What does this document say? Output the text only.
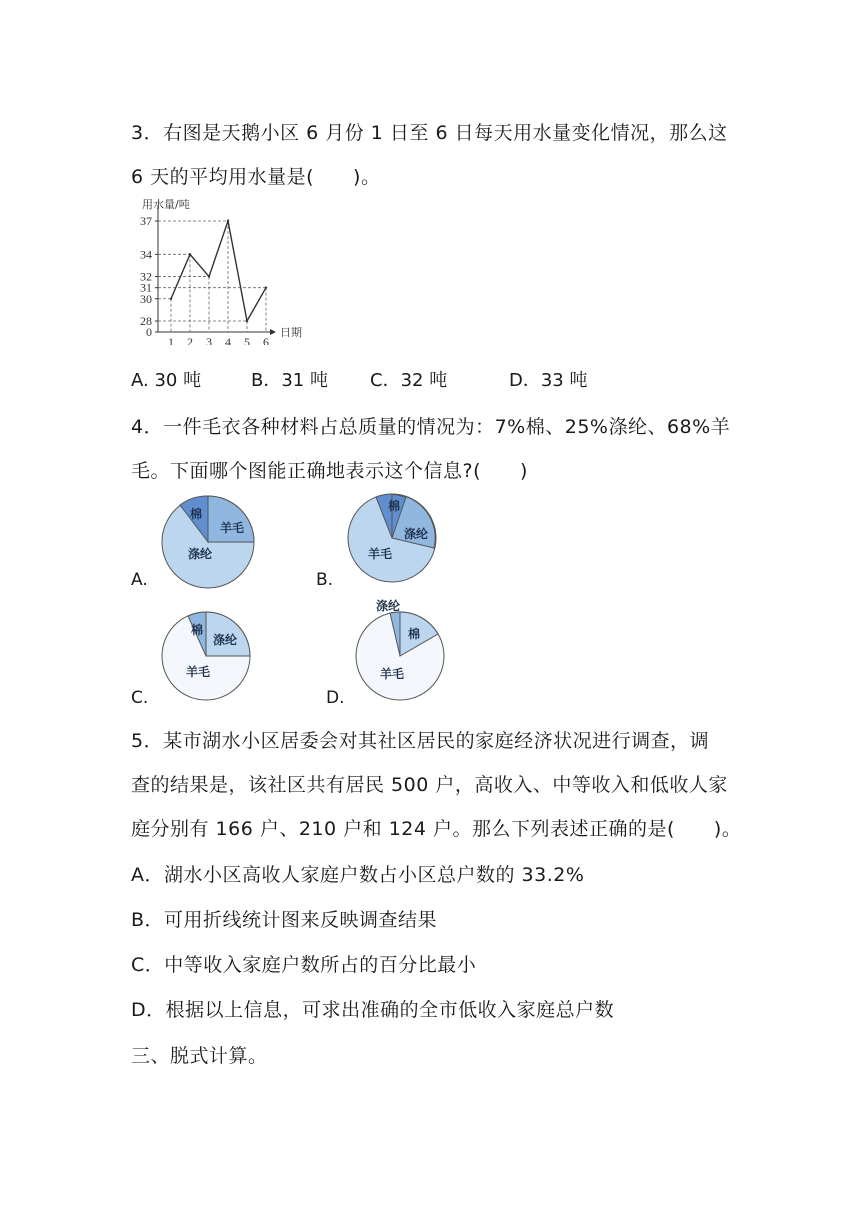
3．右图是天鹅小区 6 月份 1 日至 6 日每天用水量变化情况，那么这
6 天的平均用水量是(　　)。
用水量/吨
日期
0
28
30
31
32
34
37
1 2 3 4 5 6
A. 30 吨	B．31 吨 C．32 吨	D．33 吨
4．一件毛衣各种材料占总质量的情况为：7%棉、25%涤纶、68%羊
毛。下面哪个图能正确地表示这个信息?(　　)
A.
棉
羊毛
涤纶
B.
棉
涤纶
羊毛
C.
棉
涤纶
羊毛
D.
涤纶
棉
羊毛
5．某市湖水小区居委会对其社区居民的家庭经济状况进行调查，调
查的结果是，该社区共有居民 500 户，高收入、中等收入和低收人家
庭分别有 166 户、210 户和 124 户。那么下列表述正确的是(　　)。
A．湖水小区高收人家庭户数占小区总户数的 33.2%
B．可用折线统计图来反映调查结果
C．中等收入家庭户数所占的百分比最小
D．根据以上信息，可求出准确的全市低收入家庭总户数
三、脱式计算。
